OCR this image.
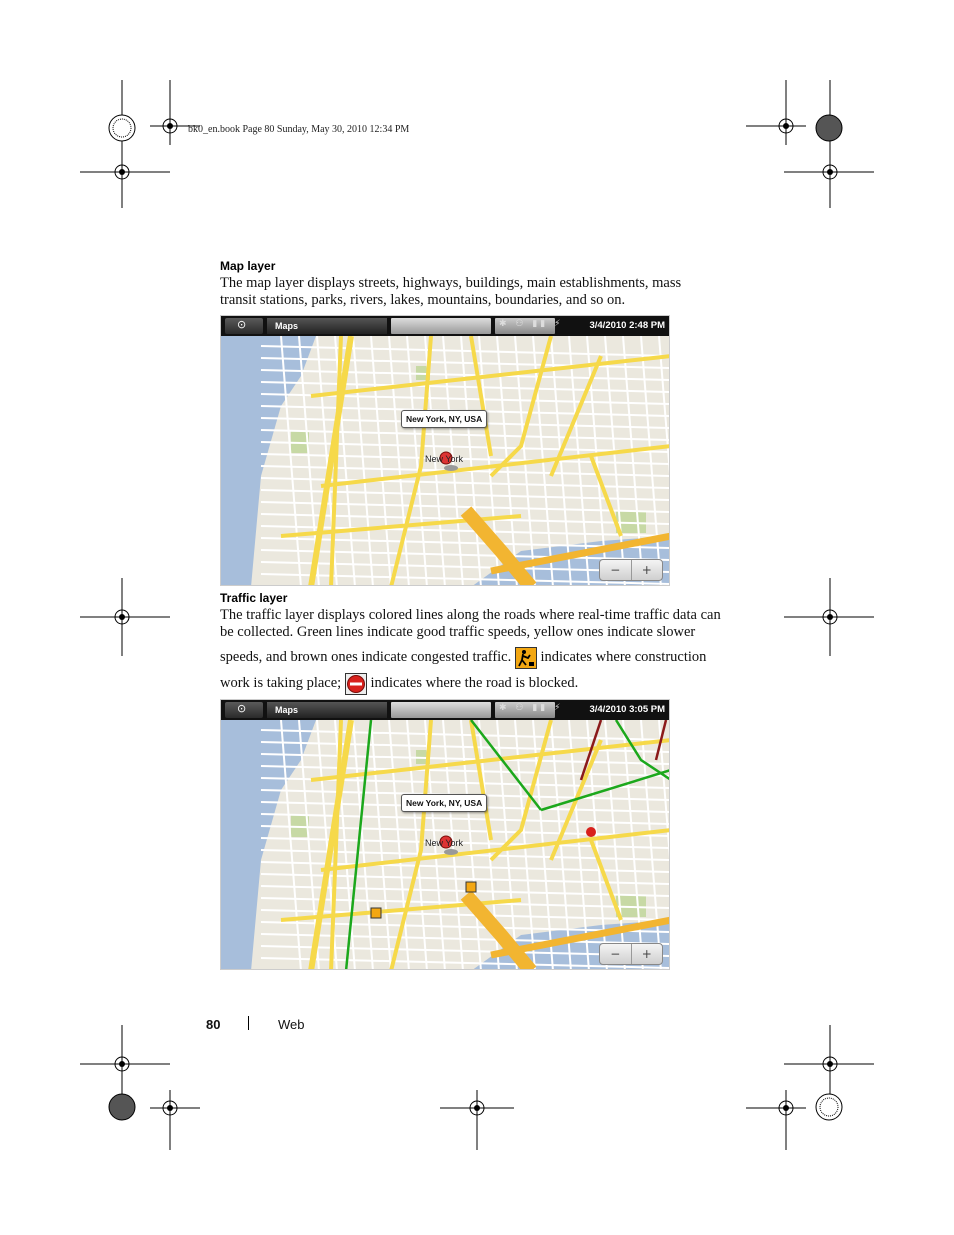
bk0_en.book Page 80 Sunday, May 30, 2010 12:34 PM
Map layer
The map layer displays streets, highways, buildings, main establishments, mass
transit stations, parks, rivers, lakes, mountains, boundaries, and so on.
⊙	Maps	✱ ⚇ ▮▮ ⚡	3/4/2010 2:48 PM
New York, NY, USA
New York
−	+
Traffic layer
The traffic layer displays colored lines along the roads where real-time traffic data can
be collected. Green lines indicate good traffic speeds, yellow ones indicate slower
speeds, and brown ones indicate congested traffic. indicates where construction
work is taking place; indicates where the road is blocked.
⊙	Maps	✱ ⚇ ▮▮ ⚡	3/4/2010 3:05 PM
New York, NY, USA
New York
−	+
80	Web
